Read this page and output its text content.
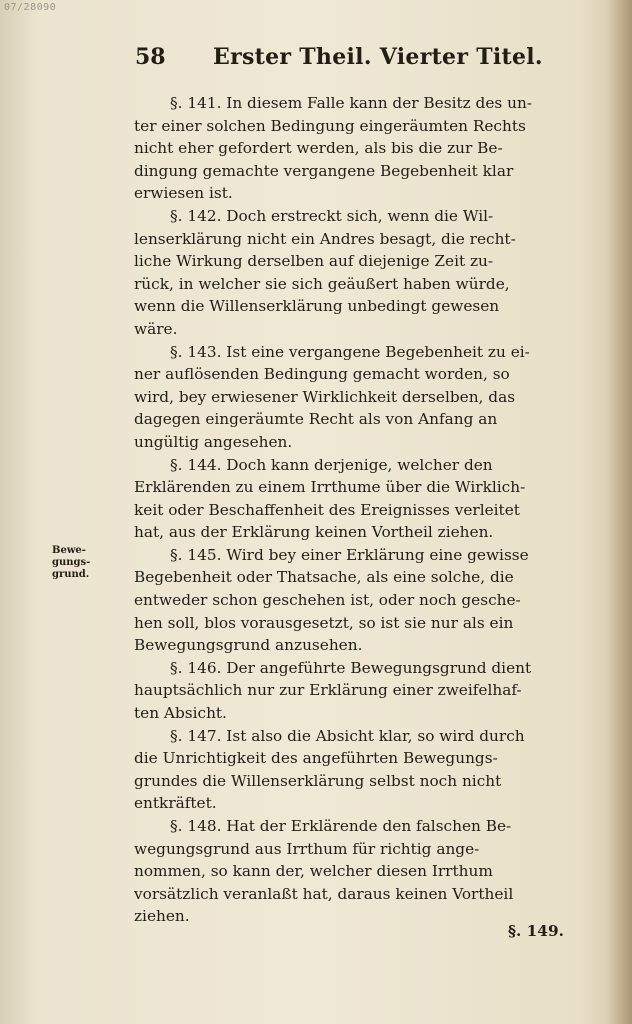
07/28090
58 Erster Theil. Vierter Titel.
Bewe-
gungs-
grund.
§. 141. In diesem Falle kann der Besitz des un-
ter einer solchen Bedingung eingeräumten Rechts
nicht eher gefordert werden, als bis die zur Be-
dingung gemachte vergangene Begebenheit klar
erwiesen ist.
§. 142. Doch erstreckt sich, wenn die Wil-
lenserklärung nicht ein Andres besagt, die recht-
liche Wirkung derselben auf diejenige Zeit zu-
rück, in welcher sie sich geäußert haben würde,
wenn die Willenserklärung unbedingt gewesen
wäre.
§. 143. Ist eine vergangene Begebenheit zu ei-
ner auflösenden Bedingung gemacht worden, so
wird, bey erwiesener Wirklichkeit derselben, das
dagegen eingeräumte Recht als von Anfang an
ungültig angesehen.
§. 144. Doch kann derjenige, welcher den
Erklärenden zu einem Irrthume über die Wirklich-
keit oder Beschaffenheit des Ereignisses verleitet
hat, aus der Erklärung keinen Vortheil ziehen.
§. 145. Wird bey einer Erklärung eine gewisse
Begebenheit oder Thatsache, als eine solche, die
entweder schon geschehen ist, oder noch gesche-
hen soll, blos vorausgesetzt, so ist sie nur als ein
Bewegungsgrund anzusehen.
§. 146. Der angeführte Bewegungsgrund dient
hauptsächlich nur zur Erklärung einer zweifelhaf-
ten Absicht.
§. 147. Ist also die Absicht klar, so wird durch
die Unrichtigkeit des angeführten Bewegungs-
grundes die Willenserklärung selbst noch nicht
entkräftet.
§. 148. Hat der Erklärende den falschen Be-
wegungsgrund aus Irrthum für richtig ange-
nommen, so kann der, welcher diesen Irrthum
vorsätzlich veranlaßt hat, daraus keinen Vortheil
ziehen.
§. 149.
